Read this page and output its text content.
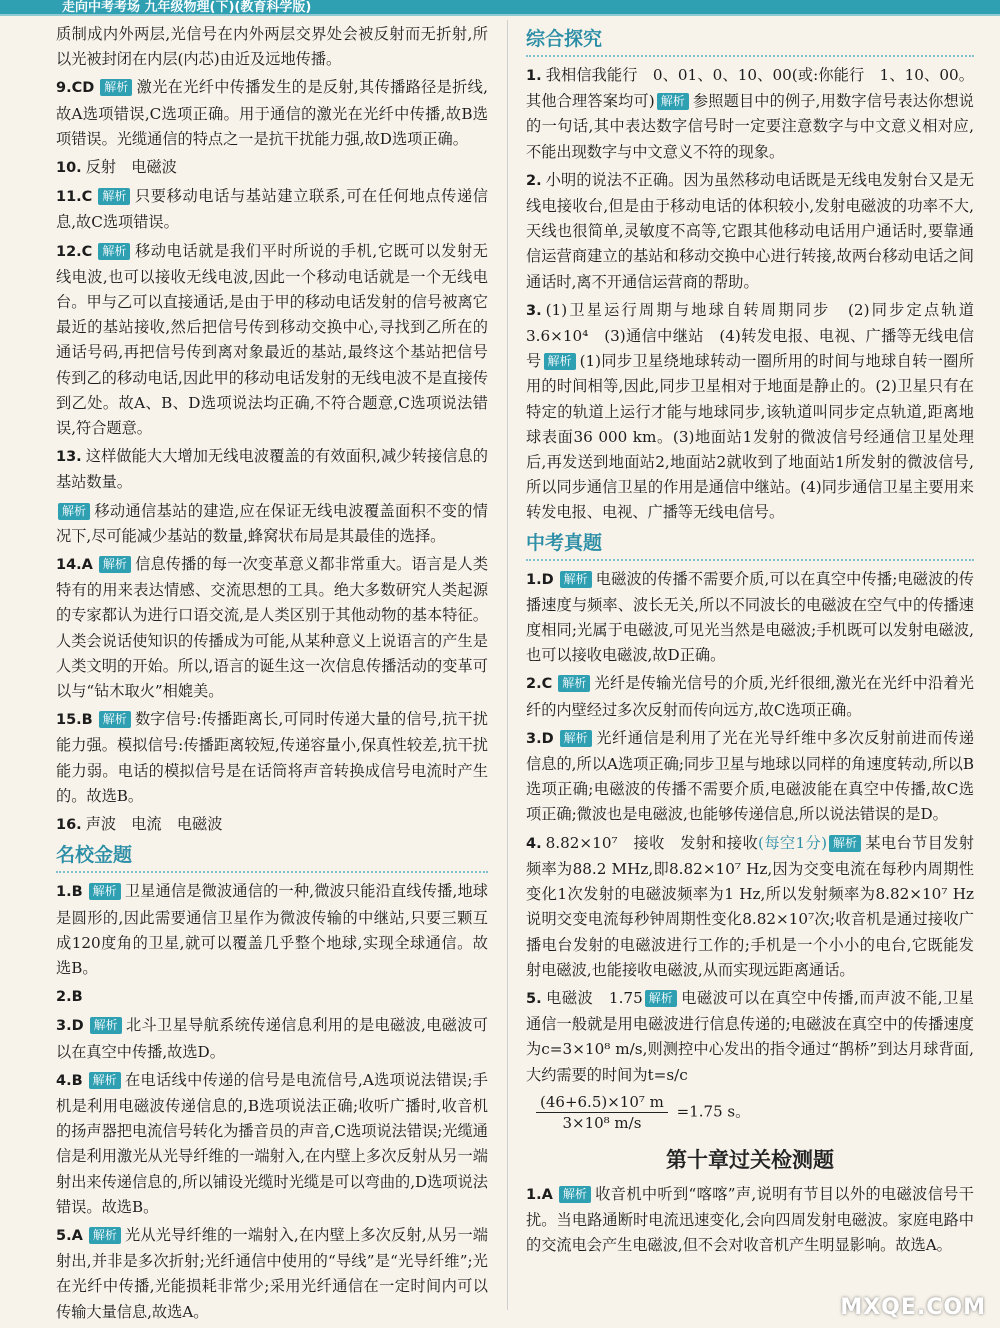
走向中考考场 九年级物理(下)(教育科学版)
质制成内外两层,光信号在内外两层交界处会被反射而无折射,所以光被封闭在内层(内芯)由近及远地传播。
9.CD 解析 激光在光纤中传播发生的是反射,其传播路径是折线,故A选项错误,C选项正确。用于通信的激光在光纤中传播,故B选项错误。光缆通信的特点之一是抗干扰能力强,故D选项正确。
10. 反射　电磁波
11.C 解析 只要移动电话与基站建立联系,可在任何地点传递信息,故C选项错误。
12.C 解析 移动电话就是我们平时所说的手机,它既可以发射无线电波,也可以接收无线电波,因此一个移动电话就是一个无线电台。甲与乙可以直接通话,是由于甲的移动电话发射的信号被离它最近的基站接收,然后把信号传到移动交换中心,寻找到乙所在的通话号码,再把信号传到离对象最近的基站,最终这个基站把信号传到乙的移动电话,因此甲的移动电话发射的无线电波不是直接传到乙处。故A、B、D选项说法均正确,不符合题意,C选项说法错误,符合题意。
13. 这样做能大大增加无线电波覆盖的有效面积,减少转接信息的基站数量。
解析 移动通信基站的建造,应在保证无线电波覆盖面积不变的情况下,尽可能减少基站的数量,蜂窝状布局是其最佳的选择。
14.A 解析 信息传播的每一次变革意义都非常重大。语言是人类特有的用来表达情感、交流思想的工具。绝大多数研究人类起源的专家都认为进行口语交流,是人类区别于其他动物的基本特征。人类会说话使知识的传播成为可能,从某种意义上说语言的产生是人类文明的开始。所以,语言的诞生这一次信息传播活动的变革可以与“钻木取火”相媲美。
15.B 解析 数字信号:传播距离长,可同时传递大量的信号,抗干扰能力强。模拟信号:传播距离较短,传递容量小,保真性较差,抗干扰能力弱。电话的模拟信号是在话筒将声音转换成信号电流时产生的。故选B。
16. 声波　电流　电磁波
名校金题
1.B 解析 卫星通信是微波通信的一种,微波只能沿直线传播,地球是圆形的,因此需要通信卫星作为微波传输的中继站,只要三颗互成120度角的卫星,就可以覆盖几乎整个地球,实现全球通信。故选B。
2.B
3.D 解析 北斗卫星导航系统传递信息利用的是电磁波,电磁波可以在真空中传播,故选D。
4.B 解析 在电话线中传递的信号是电流信号,A选项说法错误;手机是利用电磁波传递信息的,B选项说法正确;收听广播时,收音机的扬声器把电流信号转化为播音员的声音,C选项说法错误;光缆通信是利用激光从光导纤维的一端射入,在内壁上多次反射从另一端射出来传递信息的,所以铺设光缆时光缆是可以弯曲的,D选项说法错误。故选B。
5.A 解析 光从光导纤维的一端射入,在内壁上多次反射,从另一端射出,并非是多次折射;光纤通信中使用的“导线”是“光导纤维”;光在光纤中传播,光能损耗非常少;采用光纤通信在一定时间内可以传输大量信息,故选A。
综合探究
1. 我相信我能行　0、01、0、10、00(或:你能行　1、10、00。其他合理答案均可) 解析 参照题目中的例子,用数字信号表达你想说的一句话,其中表达数字信号时一定要注意数字与中文意义相对应,不能出现数字与中文意义不符的现象。
2. 小明的说法不正确。因为虽然移动电话既是无线电发射台又是无线电接收台,但是由于移动电话的体积较小,发射电磁波的功率不大,天线也很简单,灵敏度不高等,它跟其他移动电话用户通话时,要靠通信运营商建立的基站和移动交换中心进行转接,故两台移动电话之间通话时,离不开通信运营商的帮助。
3. (1)卫星运行周期与地球自转周期同步　(2)同步定点轨道　3.6×10⁴　(3)通信中继站　(4)转发电报、电视、广播等无线电信号 解析 (1)同步卫星绕地球转动一圈所用的时间与地球自转一圈所用的时间相等,因此,同步卫星相对于地面是静止的。(2)卫星只有在特定的轨道上运行才能与地球同步,该轨道叫同步定点轨道,距离地球表面36 000 km。(3)地面站1发射的微波信号经通信卫星处理后,再发送到地面站2,地面站2就收到了地面站1所发射的微波信号,所以同步通信卫星的作用是通信中继站。(4)同步通信卫星主要用来转发电报、电视、广播等无线电信号。
中考真题
1.D 解析 电磁波的传播不需要介质,可以在真空中传播;电磁波的传播速度与频率、波长无关,所以不同波长的电磁波在空气中的传播速度相同;光属于电磁波,可见光当然是电磁波;手机既可以发射电磁波,也可以接收电磁波,故D正确。
2.C 解析 光纤是传输光信号的介质,光纤很细,激光在光纤中沿着光纤的内壁经过多次反射而传向远方,故C选项正确。
3.D 解析 光纤通信是利用了光在光导纤维中多次反射前进而传递信息的,所以A选项正确;同步卫星与地球以同样的角速度转动,所以B选项正确;电磁波的传播不需要介质,电磁波能在真空中传播,故C选项正确;微波也是电磁波,也能够传递信息,所以说法错误的是D。
4. 8.82×10⁷　接收　发射和接收(每空1分) 解析 某电台节目发射频率为88.2 MHz,即8.82×10⁷ Hz,因为交变电流在每秒内周期性变化1次发射的电磁波频率为1 Hz,所以发射频率为8.82×10⁷ Hz说明交变电流每秒钟周期性变化8.82×10⁷次;收音机是通过接收广播电台发射的电磁波进行工作的;手机是一个小小的电台,它既能发射电磁波,也能接收电磁波,从而实现远距离通话。
5. 电磁波　1.75 解析 电磁波可以在真空中传播,而声波不能,卫星通信一般就是用电磁波进行信息传递的;电磁波在真空中的传播速度为c=3×10⁸ m/s,则测控中心发出的指令通过“鹊桥”到达月球背面,大约需要的时间为t=s/c
$\frac{\text{(46+6.5)×10⁷ m}}{\text{3×10⁸ m/s}} =1.75$ s。
第十章过关检测题
1.A 解析 收音机中听到“喀喀”声,说明有节目以外的电磁波信号干扰。当电路通断时电流迅速变化,会向四周发射电磁波。家庭电路中的交流电会产生电磁波,但不会对收音机产生明显影响。故选A。
MXQE.COM
